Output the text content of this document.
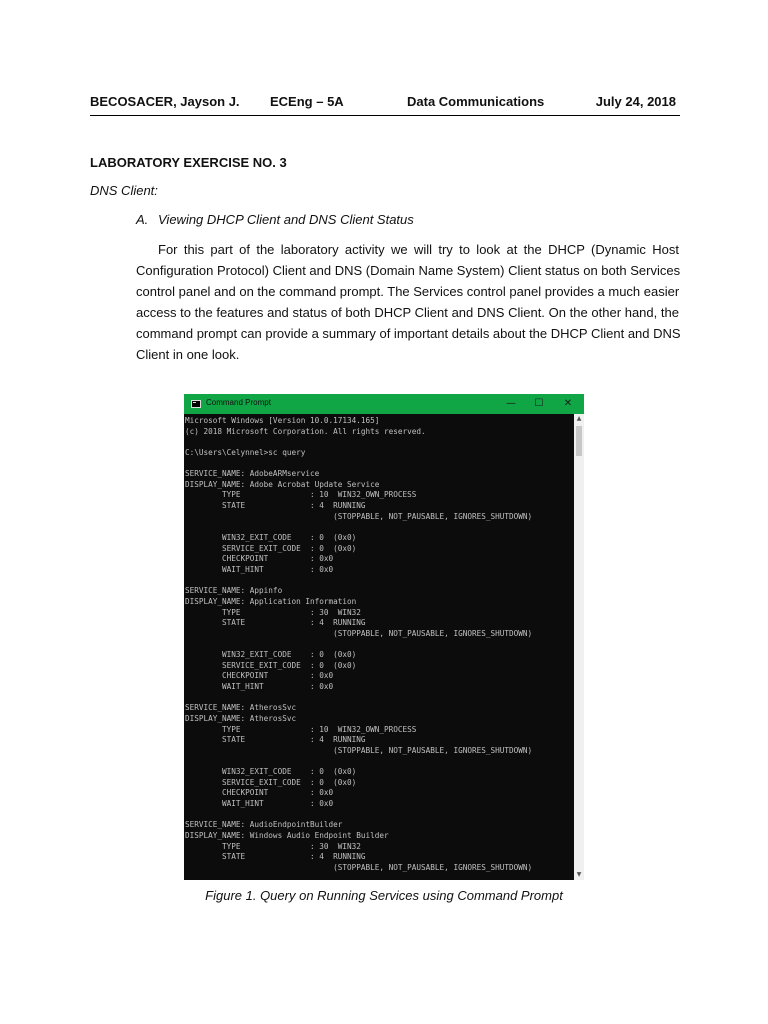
BECOSACER, Jayson J. ECEng – 5A	Data Communications	July 24, 2018
LABORATORY EXERCISE NO. 3
DNS Client:
A. Viewing DHCP Client and DNS Client Status
For this part of the laboratory activity we will try to look at the DHCP (Dynamic Host
Configuration Protocol) Client and DNS (Domain Name System) Client status on both Services
control panel and on the command prompt. The Services control panel provides a much easier
access to the features and status of both DHCP Client and DNS Client. On the other hand, the
command prompt can provide a summary of important details about the DHCP Client and DNS
Client in one look.
Command Prompt	—	☐	✕
Microsoft Windows [Version 10.0.17134.165]
(c) 2018 Microsoft Corporation. All rights reserved.
C:\Users\Celynnel>sc query
SERVICE_NAME: AdobeARMservice
DISPLAY_NAME: Adobe Acrobat Update Service
TYPE               : 10  WIN32_OWN_PROCESS
STATE              : 4  RUNNING
(STOPPABLE, NOT_PAUSABLE, IGNORES_SHUTDOWN)
WIN32_EXIT_CODE    : 0  (0x0)
SERVICE_EXIT_CODE  : 0  (0x0)
CHECKPOINT         : 0x0
WAIT_HINT          : 0x0
SERVICE_NAME: Appinfo
DISPLAY_NAME: Application Information
TYPE               : 30  WIN32
STATE              : 4  RUNNING
(STOPPABLE, NOT_PAUSABLE, IGNORES_SHUTDOWN)
WIN32_EXIT_CODE    : 0  (0x0)
SERVICE_EXIT_CODE  : 0  (0x0)
CHECKPOINT         : 0x0
WAIT_HINT          : 0x0
SERVICE_NAME: AtherosSvc
DISPLAY_NAME: AtherosSvc
TYPE               : 10  WIN32_OWN_PROCESS
STATE              : 4  RUNNING
(STOPPABLE, NOT_PAUSABLE, IGNORES_SHUTDOWN)
WIN32_EXIT_CODE    : 0  (0x0)
SERVICE_EXIT_CODE  : 0  (0x0)
CHECKPOINT         : 0x0
WAIT_HINT          : 0x0
SERVICE_NAME: AudioEndpointBuilder
DISPLAY_NAME: Windows Audio Endpoint Builder
TYPE               : 30  WIN32
STATE              : 4  RUNNING
(STOPPABLE, NOT_PAUSABLE, IGNORES_SHUTDOWN)
▲
▼
Figure 1. Query on Running Services using Command Prompt
